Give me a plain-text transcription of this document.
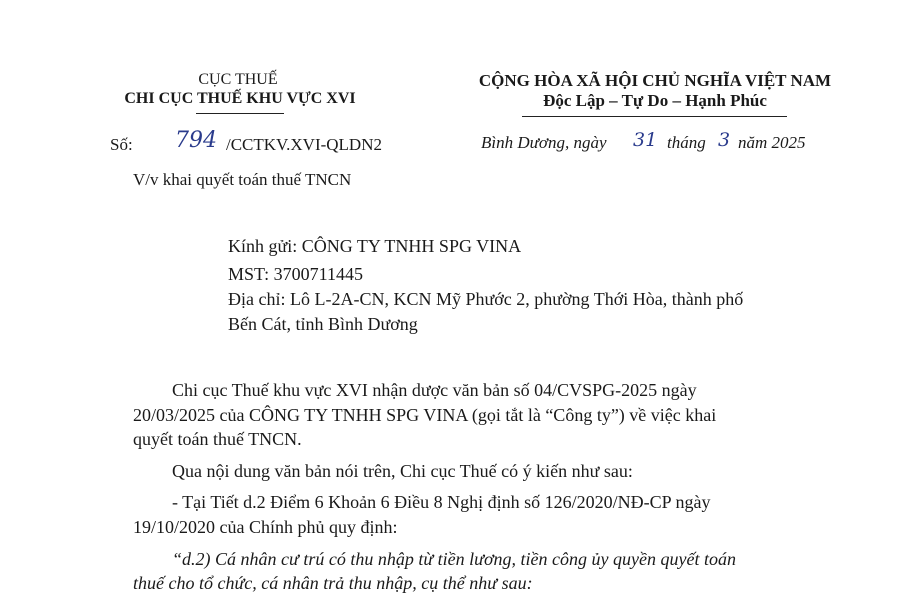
CỤC THUẾ
CHI CỤC THUẾ KHU VỰC XVI
Số: 794 /CCTKV.XVI-QLDN2
V/v khai quyết toán thuế TNCN
CỘNG HÒA XÃ HỘI CHỦ NGHĨA VIỆT NAM
Độc Lập – Tự Do – Hạnh Phúc
Bình Dương, ngày 31 tháng 3 năm 2025
Kính gửi: CÔNG TY TNHH SPG VINA
MST: 3700711445
Địa chỉ: Lô L-2A-CN, KCN Mỹ Phước 2, phường Thới Hòa, thành phố
Bến Cát, tỉnh Bình Dương
Chi cục Thuế khu vực XVI nhận dược văn bản số 04/CVSPG-2025 ngày
20/03/2025 của CÔNG TY TNHH SPG VINA (gọi tắt là “Công ty”) về việc khai
quyết toán thuế TNCN.
Qua nội dung văn bản nói trên, Chi cục Thuế có ý kiến như sau:
- Tại Tiết d.2 Điểm 6 Khoản 6 Điều 8 Nghị định số 126/2020/NĐ-CP ngày
19/10/2020 của Chính phủ quy định:
“d.2) Cá nhân cư trú có thu nhập từ tiền lương, tiền công ủy quyền quyết toán
thuế cho tổ chức, cá nhân trả thu nhập, cụ thể như sau:
